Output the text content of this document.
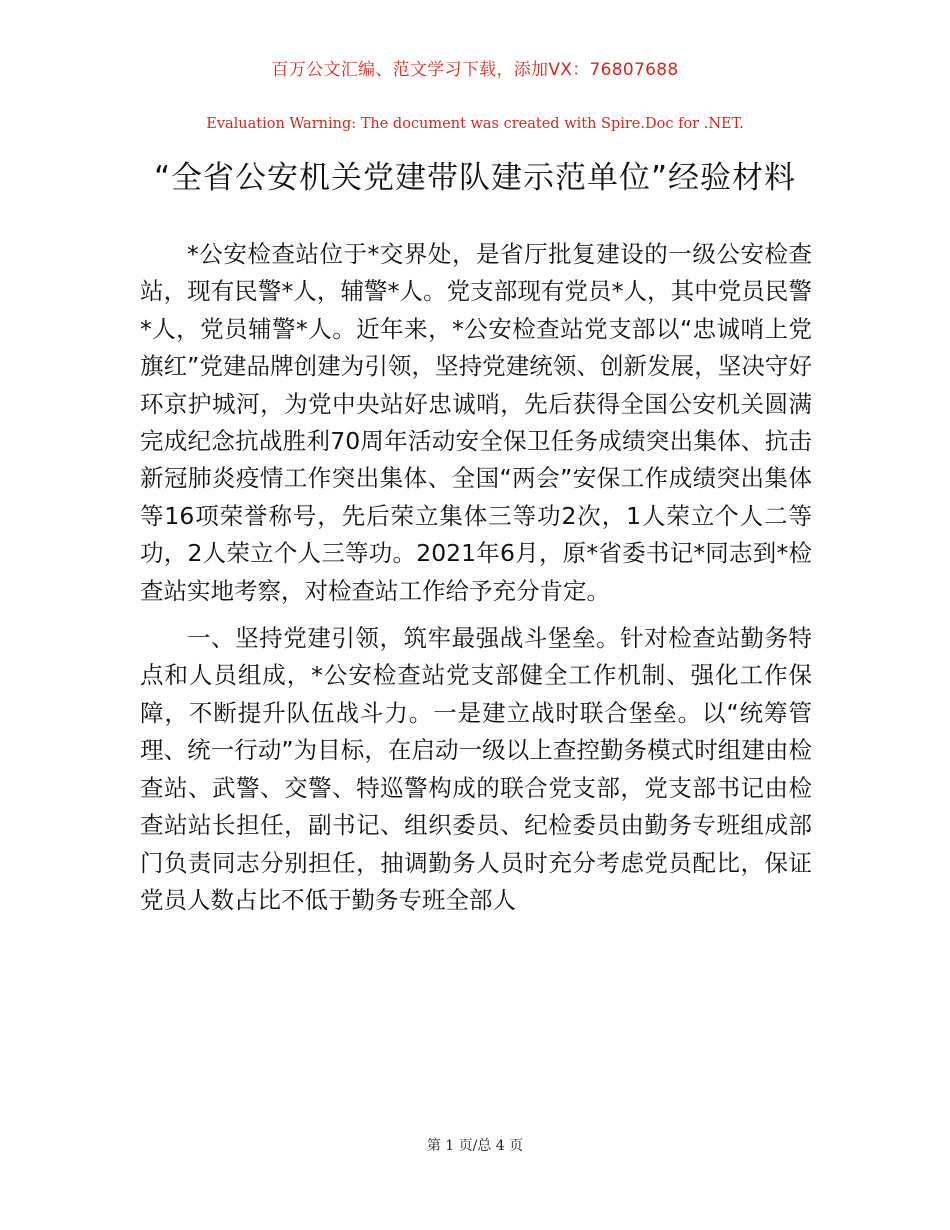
百万公文汇编、范文学习下载，添加VX：76807688
Evaluation Warning: The document was created with Spire.Doc for .NET.
“全省公安机关党建带队建示范单位”经验材料

*公安检查站位于*交界处，是省厅批复建设的一级公安检查站，现有民警*人，辅警*人。党支部现有党员*人，其中党员民警*人，党员辅警*人。近年来，*公安检查站党支部以“忠诚哨上党旗红”党建品牌创建为引领，坚持党建统领、创新发展，坚决守好环京护城河，为党中央站好忠诚哨，先后获得全国公安机关圆满完成纪念抗战胜利70周年活动安全保卫任务成绩突出集体、抗击新冠肺炎疫情工作突出集体、全国“两会”安保工作成绩突出集体等16项荣誉称号，先后荣立集体三等功2次，1人荣立个人二等功，2人荣立个人三等功。2021年6月，原*省委书记*同志到*检查站实地考察，对检查站工作给予充分肯定。

一、坚持党建引领，筑牢最强战斗堡垒。针对检查站勤务特点和人员组成，*公安检查站党支部健全工作机制、强化工作保障，不断提升队伍战斗力。一是建立战时联合堡垒。以“统筹管理、统一行动”为目标，在启动一级以上查控勤务模式时组建由检查站、武警、交警、特巡警构成的联合党支部，党支部书记由检查站站长担任，副书记、组织委员、纪检委员由勤务专班组成部门负责同志分别担任，抽调勤务人员时充分考虑党员配比，保证党员人数占比不低于勤务专班全部人

第 1 页/总 4 页
